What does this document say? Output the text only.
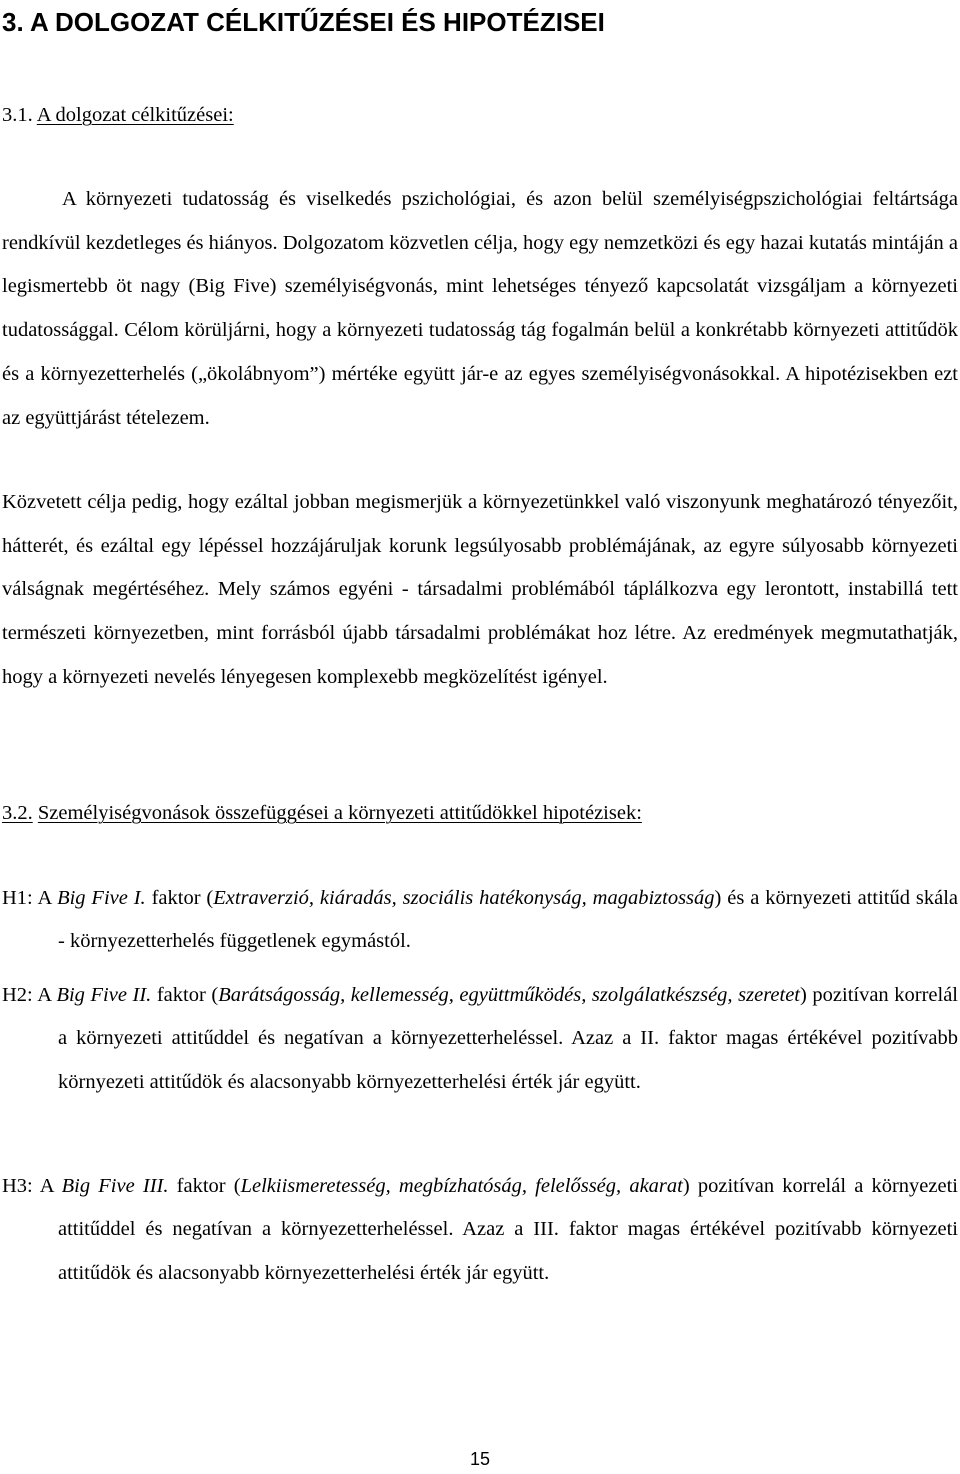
3. A DOLGOZAT CÉLKITŰZÉSEI ÉS HIPOTÉZISEI
3.1. A dolgozat célkitűzései:

A környezeti tudatosság és viselkedés pszichológiai, és azon belül személyiségpszichológiai feltártsága rendkívül kezdetleges és hiányos. Dolgozatom közvetlen célja, hogy egy nemzetközi és egy hazai kutatás mintáján a legismertebb öt nagy (Big Five) személyiségvonás, mint lehetséges tényező kapcsolatát vizsgáljam a környezeti tudatossággal. Célom körüljárni, hogy a környezeti tudatosság tág fogalmán belül a konkrétabb környezeti attitűdök és a környezetterhelés („ökolábnyom”) mértéke együtt jár-e az egyes személyiségvonásokkal. A hipotézisekben ezt az együttjárást tételezem.

Közvetett célja pedig, hogy ezáltal jobban megismerjük a környezetünkkel való viszonyunk meghatározó tényezőit, hátterét, és ezáltal egy lépéssel hozzájáruljak korunk legsúlyosabb problémájának, az egyre súlyosabb környezeti válságnak megértéséhez. Mely számos egyéni - társadalmi problémából táplálkozva egy lerontott, instabillá tett természeti környezetben, mint forrásból újabb társadalmi problémákat hoz létre. Az eredmények megmutathatják, hogy a környezeti nevelés lényegesen komplexebb megközelítést igényel.

3.2. Személyiségvonások összefüggései a környezeti attitűdökkel hipotézisek:

H1: A Big Five I. faktor (Extraverzió, kiáradás, szociális hatékonyság, magabiztosság) és a környezeti attitűd skála - környezetterhelés függetlenek egymástól.

H2: A Big Five II. faktor (Barátságosság, kellemesség, együttműködés, szolgálatkészség, szeretet) pozitívan korrelál a környezeti attitűddel és negatívan a környezetterheléssel. Azaz a II. faktor magas értékével pozitívabb környezeti attitűdök és alacsonyabb környezetterhelési érték jár együtt.

H3: A Big Five III. faktor (Lelkiismeretesség, megbízhatóság, felelősség, akarat) pozitívan korrelál a környezeti attitűddel és negatívan a környezetterheléssel. Azaz a III. faktor magas értékével pozitívabb környezeti attitűdök és alacsonyabb környezetterhelési érték jár együtt.

15
